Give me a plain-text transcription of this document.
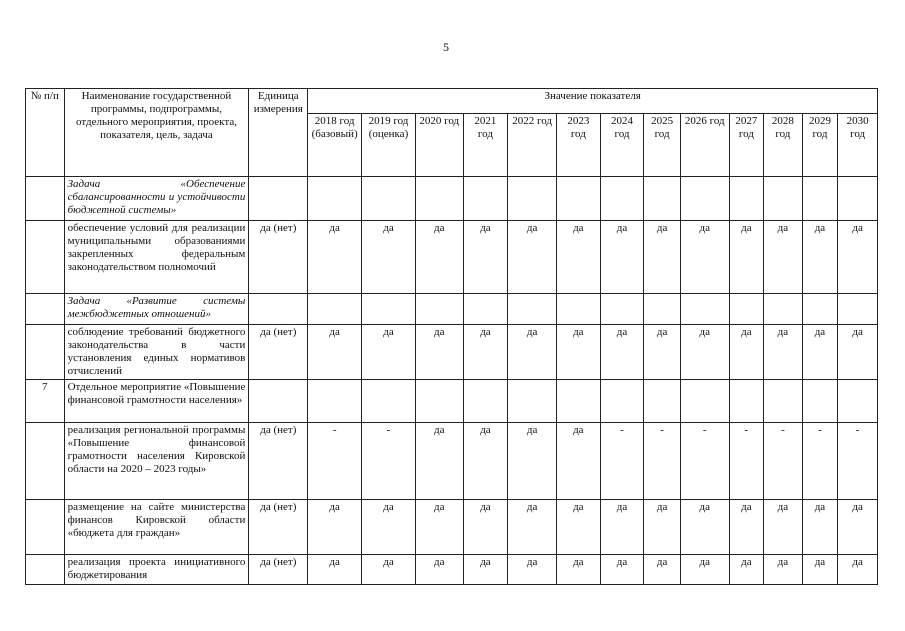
5
№ п/п	Наименование государственной программы, подпрограммы, отдельного мероприятия, проекта, показателя, цель, задача	Единица измерения	Значение показателя												
			2018 год (базовый)	2019 год (оценка)	2020 год	2021 год	2022 год	2023 год	2024 год	2025 год	2026 год	2027 год	2028 год	2029 год	2030 год
	Задача «Обеспечение сбалансированности и устойчивости бюджетной системы»														
	обеспечение условий для реализации муниципальными образованиями закрепленных федеральным законодательством полномочий	да (нет)	да	да	да	да	да	да	да	да	да	да	да	да	да
	Задача «Развитие системы межбюджетных отношений»														
	соблюдение требований бюджетного законодательства в части установления единых нормативов отчислений	да (нет)	да	да	да	да	да	да	да	да	да	да	да	да	да
7	Отдельное мероприятие «Повышение финансовой грамотности населения»														
	реализация региональной программы «Повышение финансовой грамотности населения Кировской области на 2020 – 2023 годы»	да (нет)	-	-	да	да	да	да	-	-	-	-	-	-	-
	размещение на сайте министерства финансов Кировской области «бюджета для граждан»	да (нет)	да	да	да	да	да	да	да	да	да	да	да	да	да
	реализация проекта инициативного бюджетирования	да (нет)	да	да	да	да	да	да	да	да	да	да	да	да	да
